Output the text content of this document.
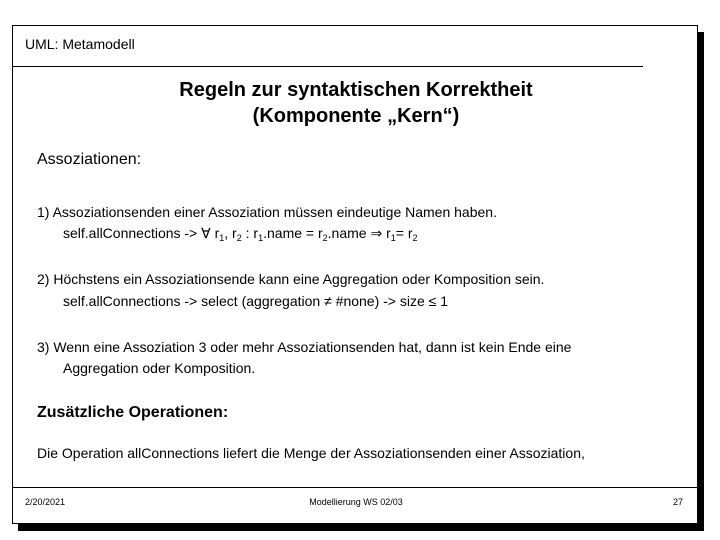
UML: Metamodell
Regeln zur syntaktischen Korrektheit
(Komponente „Kern“)
Assoziationen:
1) Assoziationsenden einer Assoziation müssen eindeutige Namen haben.
self.allConnections -> ∀ $r_1$, $r_2$ : $r_1.name$ = $r_2.name$ ⇒ $r_1= r_2$
2) Höchstens ein Assoziationsende kann eine Aggregation oder Komposition sein.
self.allConnections -> select (aggregation ≠ #none) -> size ≤ 1
3) Wenn eine Assoziation 3 oder mehr Assoziationsenden hat, dann ist kein Ende eine
Aggregation oder Komposition.
Zusätzliche Operationen:
Die Operation allConnections liefert die Menge der Assoziationsenden einer Assoziation,
2/20/2021	Modellierung WS 02/03	27
